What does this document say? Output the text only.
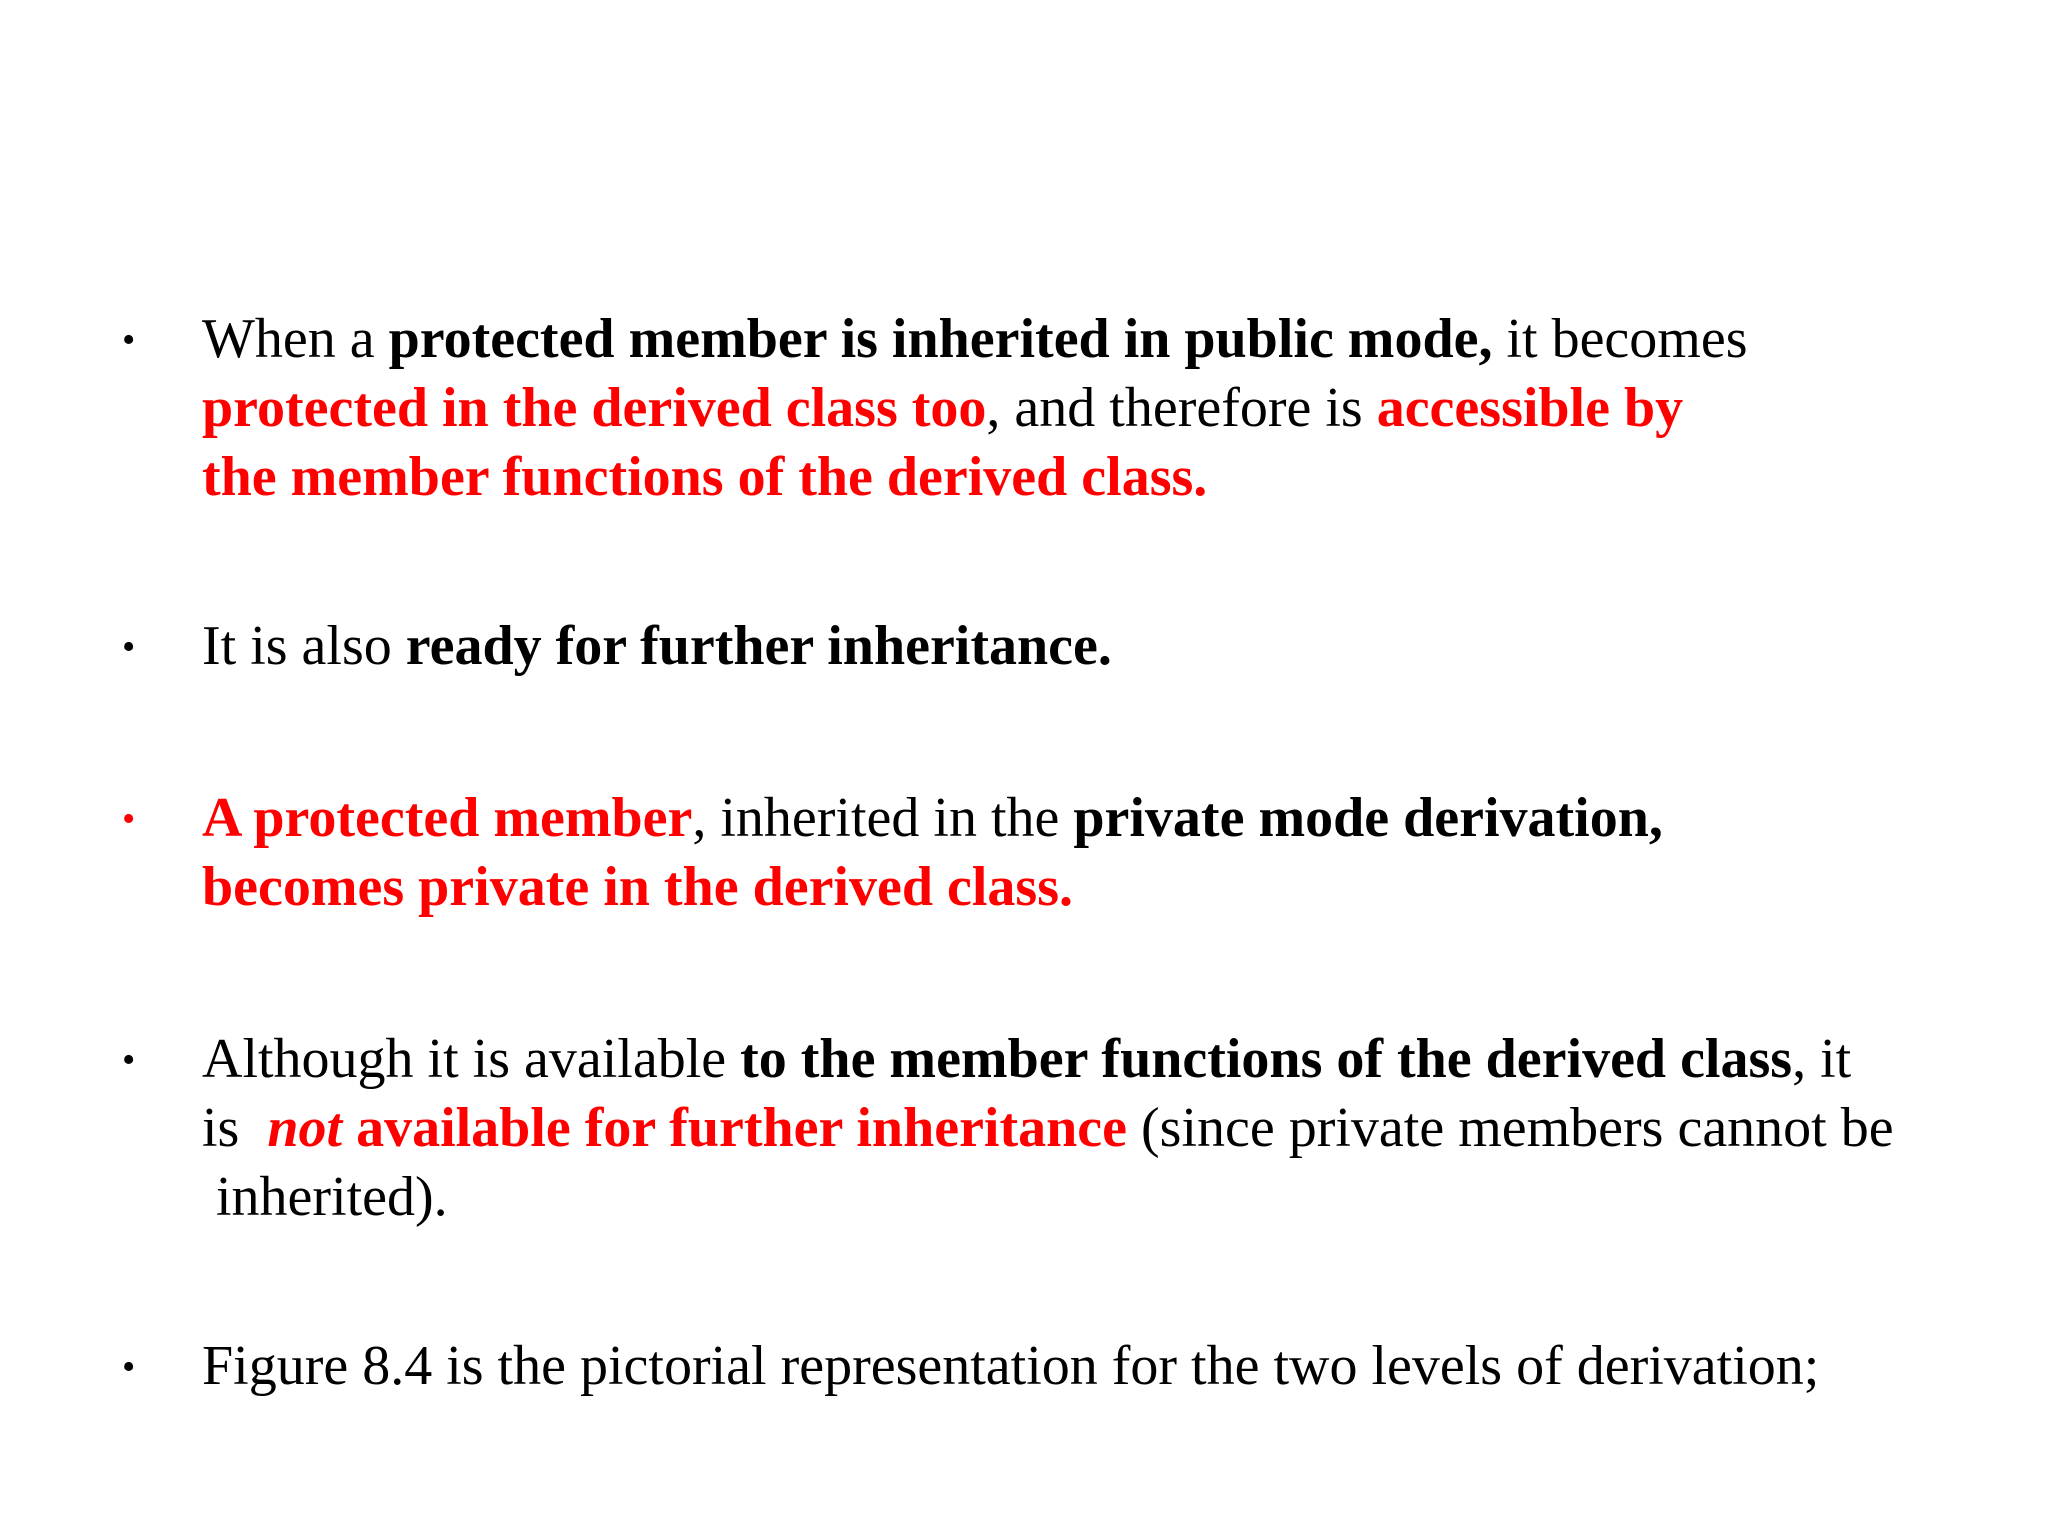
• When a protected member is inherited in public mode, it becomes
protected in the derived class too, and therefore is accessible by
the member functions of the derived class.
• It is also ready for further inheritance.
• A protected member, inherited in the private mode derivation,
becomes private in the derived class.
• Although it is available to the member functions of the derived class, it
is  not available for further inheritance (since private members cannot be
inherited).
• Figure 8.4 is the pictorial representation for the two levels of derivation;
